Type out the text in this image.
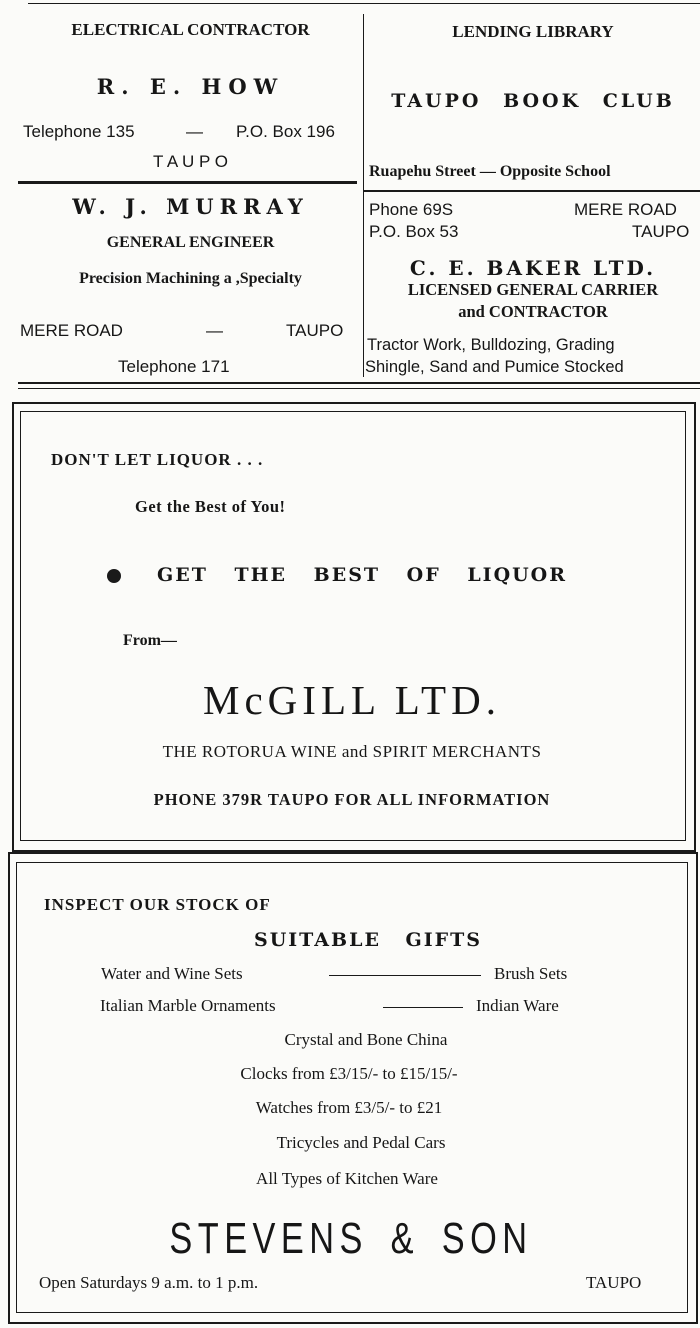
ELECTRICAL CONTRACTOR
R. E. HOW
Telephone 135	— P.O. Box 196
T A U P O
W. J. MURRAY
GENERAL ENGINEER
Precision Machining a ,Specialty
MERE ROAD	—	TAUPO
Telephone 171
LENDING LIBRARY
TAUPO BOOK CLUB
Ruapehu Street — Opposite School
Phone 69S	MERE ROAD
P.O. Box 53	TAUPO
C. E. BAKER LTD.
LICENSED GENERAL CARRIER
and CONTRACTOR
Tractor Work, Bulldozing, Grading
Shingle, Sand and Pumice Stocked
DON'T LET LIQUOR . . .
Get the Best of You!
GET THE BEST OF LIQUOR
From—
McGILL LTD.
THE ROTORUA WINE and SPIRIT MERCHANTS
PHONE 379R TAUPO FOR ALL INFORMATION
INSPECT OUR STOCK OF
SUITABLE GIFTS
Water and Wine Sets	Brush Sets
Italian Marble Ornaments	Indian Ware
Crystal and Bone China
Clocks from £3/15/- to £15/15/-
Watches from £3/5/- to £21
Tricycles and Pedal Cars
All Types of Kitchen Ware
STEVENS & SON
Open Saturdays 9 a.m. to 1 p.m.	TAUPO
